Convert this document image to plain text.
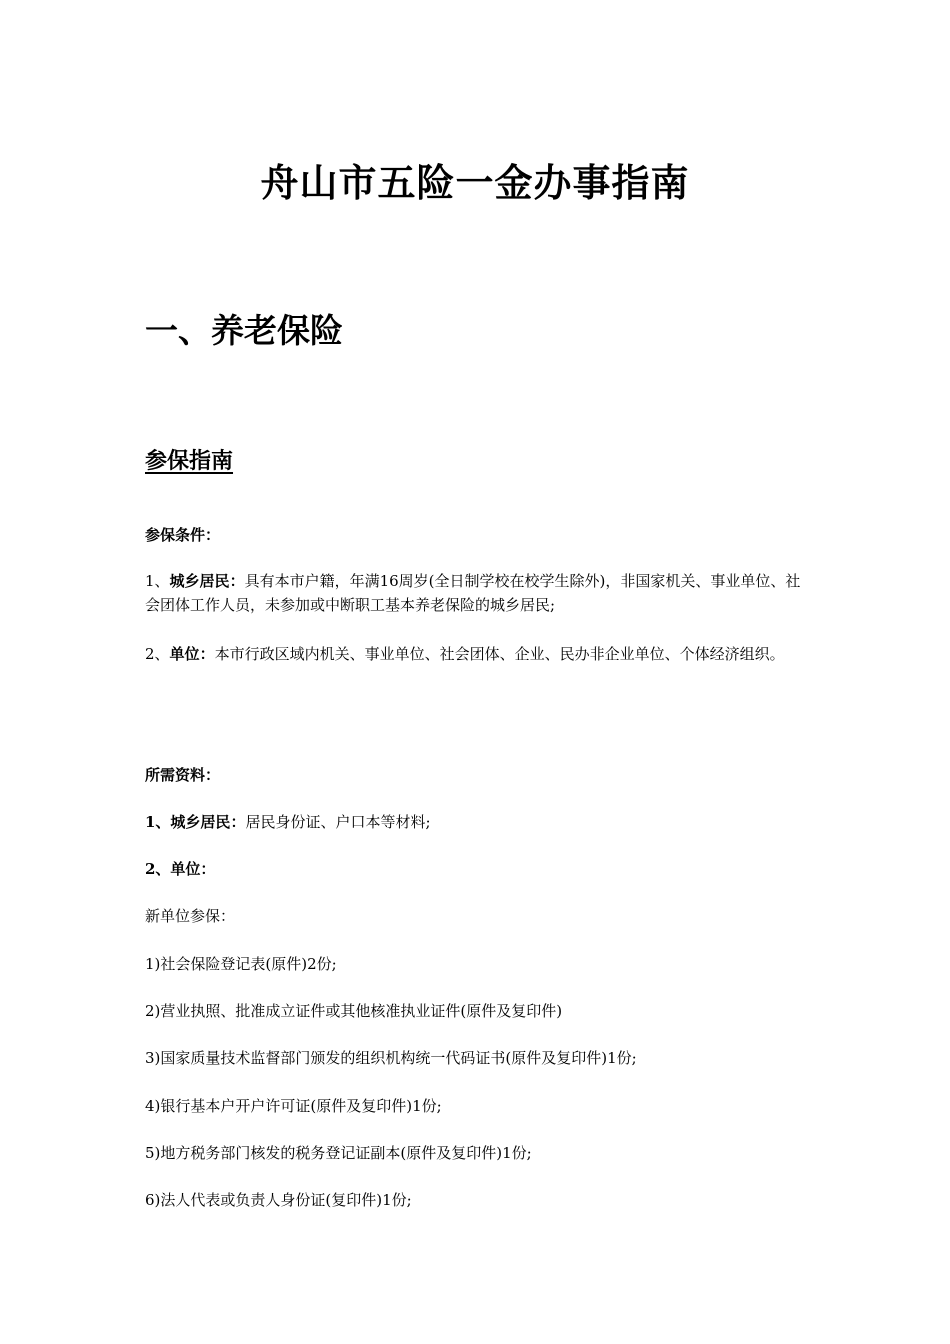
舟山市五险一金办事指南
一、养老保险
参保指南
参保条件：
1、城乡居民：具有本市户籍，年满16周岁(全日制学校在校学生除外)，非国家机关、事业单位、社会团体工作人员，未参加或中断职工基本养老保险的城乡居民;
2、单位：本市行政区域内机关、事业单位、社会团体、企业、民办非企业单位、个体经济组织。
所需资料：
1、城乡居民：居民身份证、户口本等材料;
2、单位：
新单位参保：
1)社会保险登记表(原件)2份;
2)营业执照、批准成立证件或其他核准执业证件(原件及复印件)
3)国家质量技术监督部门颁发的组织机构统一代码证书(原件及复印件)1份;
4)银行基本户开户许可证(原件及复印件)1份;
5)地方税务部门核发的税务登记证副本(原件及复印件)1份;
6)法人代表或负责人身份证(复印件)1份;
